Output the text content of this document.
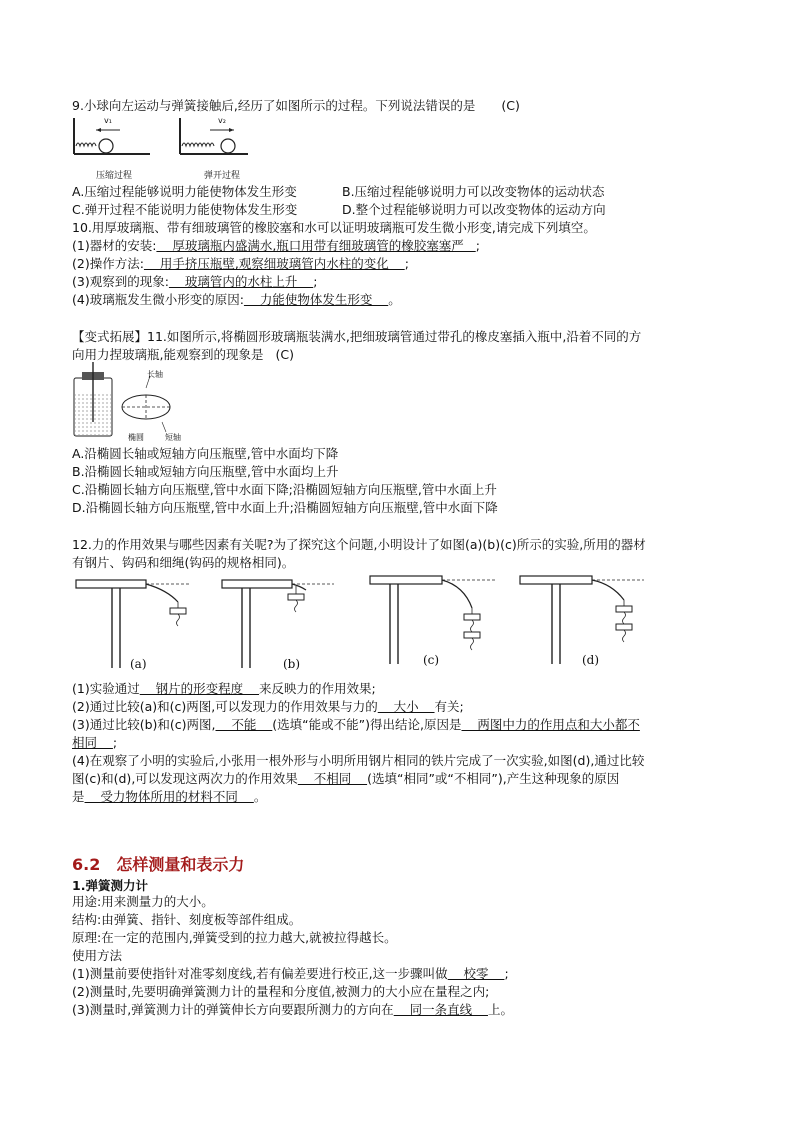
9.小球向左运动与弹簧接触后,经历了如图所示的过程。下列说法错误的是 (C)
v₁	v₂
压缩过程	弹开过程
A.压缩过程能够说明力能使物体发生形变	B.压缩过程能够说明力可以改变物体的运动状态
C.弹开过程不能说明力能使物体发生形变	D.整个过程能够说明力可以改变物体的运动方向
10.用厚玻璃瓶、带有细玻璃管的橡胶塞和水可以证明玻璃瓶可发生微小形变,请完成下列填空。
(1)器材的安装:    厚玻璃瓶内盛满水,瓶口用带有细玻璃管的橡胶塞塞严   ;
(2)操作方法:    用手挤压瓶壁,观察细玻璃管内水柱的变化    ;
(3)观察到的现象:    玻璃管内的水柱上升    ;
(4)玻璃瓶发生微小形变的原因:    力能使物体发生形变    。
【变式拓展】11.如图所示,将椭圆形玻璃瓶装满水,把细玻璃管通过带孔的橡皮塞插入瓶中,沿着不同的方
向用力捏玻璃瓶,能观察到的现象是 (C)
长轴
椭圆	短轴
A.沿椭圆长轴或短轴方向压瓶壁,管中水面均下降
B.沿椭圆长轴或短轴方向压瓶壁,管中水面均上升
C.沿椭圆长轴方向压瓶壁,管中水面下降;沿椭圆短轴方向压瓶壁,管中水面上升
D.沿椭圆长轴方向压瓶壁,管中水面上升;沿椭圆短轴方向压瓶壁,管中水面下降
12.力的作用效果与哪些因素有关呢?为了探究这个问题,小明设计了如图(a)(b)(c)所示的实验,所用的器材
有钢片、钩码和细绳(钩码的规格相同)。
(a)	(b)	(c)	(d)
(1)实验通过    钢片的形变程度    来反映力的作用效果;
(2)通过比较(a)和(c)两图,可以发现力的作用效果与力的    大小    有关;
(3)通过比较(b)和(c)两图,    不能    (选填“能或不能”)得出结论,原因是    两图中力的作用点和大小都不
相同    ;
(4)在观察了小明的实验后,小张用一根外形与小明所用钢片相同的铁片完成了一次实验,如图(d),通过比较
图(c)和(d),可以发现这两次力的作用效果    不相同    (选填“相同”或“不相同”),产生这种现象的原因
是    受力物体所用的材料不同    。
6.2　怎样测量和表示力
1.弹簧测力计
用途:用来测量力的大小。
结构:由弹簧、指针、刻度板等部件组成。
原理:在一定的范围内,弹簧受到的拉力越大,就被拉得越长。
使用方法
(1)测量前要使指针对准零刻度线,若有偏差要进行校正,这一步骤叫做    校零    ;
(2)测量时,先要明确弹簧测力计的量程和分度值,被测力的大小应在量程之内;
(3)测量时,弹簧测力计的弹簧伸长方向要跟所测力的方向在    同一条直线    上。
